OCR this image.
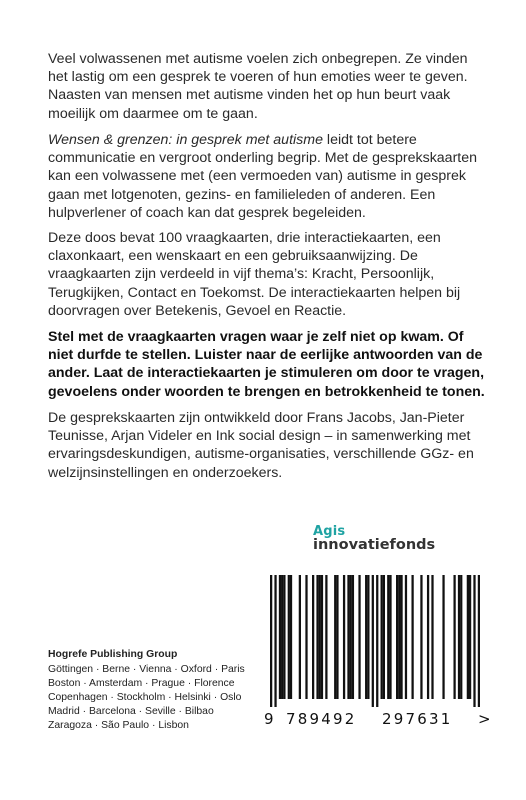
Veel volwassenen met autisme voelen zich onbegrepen. Ze vinden het lastig om een gesprek te voeren of hun emoties weer te geven. Naasten van mensen met autisme vinden het op hun beurt vaak moeilijk om daarmee om te gaan.
Wensen & grenzen: in gesprek met autisme leidt tot betere communicatie en vergroot onderling begrip. Met de gesprekskaarten kan een volwassene met (een vermoeden van) autisme in gesprek gaan met lotgenoten, gezins- en familieleden of anderen. Een hulpverlener of coach kan dat gesprek begeleiden.
Deze doos bevat 100 vraagkaarten, drie interactiekaarten, een claxonkaart, een wenskaart en een gebruiksaanwijzing. De vraagkaarten zijn verdeeld in vijf thema’s: Kracht, Persoonlijk, Terugkijken, Contact en Toekomst. De interactiekaarten helpen bij doorvragen over Betekenis, Gevoel en Reactie.
Stel met de vraagkaarten vragen waar je zelf niet op kwam. Of niet durfde te stellen. Luister naar de eerlijke antwoorden van de ander. Laat de interactiekaarten je stimuleren om door te vragen, gevoelens onder woorden te brengen en betrokkenheid te tonen.
De gesprekskaarten zijn ontwikkeld door Frans Jacobs, Jan-Pieter Teunisse, Arjan Videler en Ink social design – in samenwerking met ervaringsdeskundigen, autisme-organisaties, verschillende GGz- en welzijnsinstellingen en onderzoekers.
Agis
innovatiefonds
Hogrefe Publishing Group
Göttingen · Berne · Vienna · Oxford · Paris
Boston · Amsterdam · Prague · Florence
Copenhagen · Stockholm · Helsinki · Oslo
Madrid · Barcelona · Seville · Bilbao
Zaragoza · São Paulo · Lisbon	9 789492 297631 >
